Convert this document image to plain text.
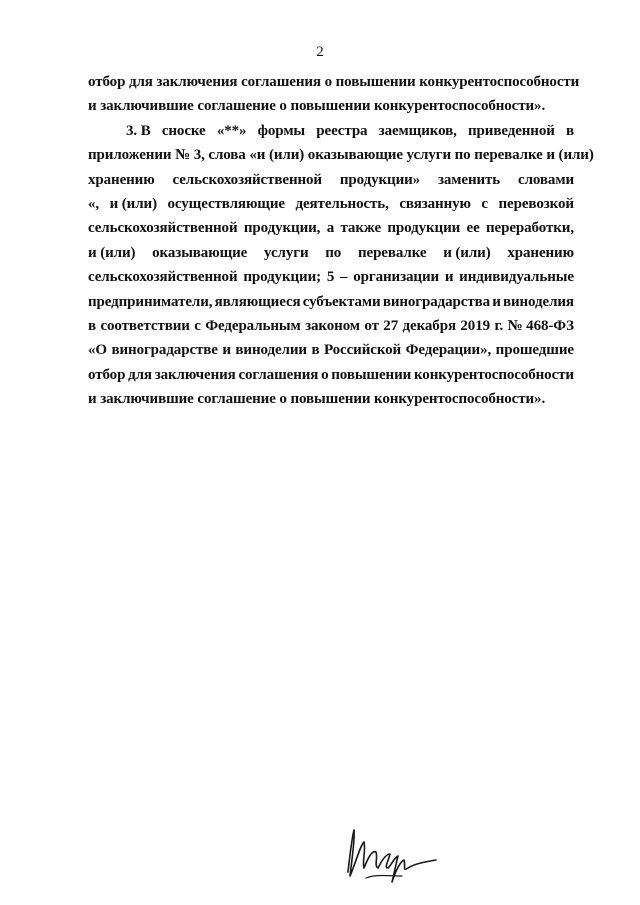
2
отбор для заключения соглашения о повышении конкурентоспособности
и заключившие соглашение о повышении конкурентоспособности».
3. В сноске «**» формы реестра заемщиков, приведенной в
приложении № 3, слова «и (или) оказывающие услуги по перевалке и (или)
хранению сельскохозяйственной продукции» заменить словами
«, и (или) осуществляющие деятельность, связанную с перевозкой
сельскохозяйственной продукции, а также продукции ее переработки,
и (или) оказывающие услуги по перевалке и (или) хранению
сельскохозяйственной продукции; 5 – организации и индивидуальные
предприниматели, являющиеся субъектами виноградарства и виноделия
в соответствии с Федеральным законом от 27 декабря 2019 г. № 468-ФЗ
«О виноградарстве и виноделии в Российской Федерации», прошедшие
отбор для заключения соглашения о повышении конкурентоспособности
и заключившие соглашение о повышении конкурентоспособности».
